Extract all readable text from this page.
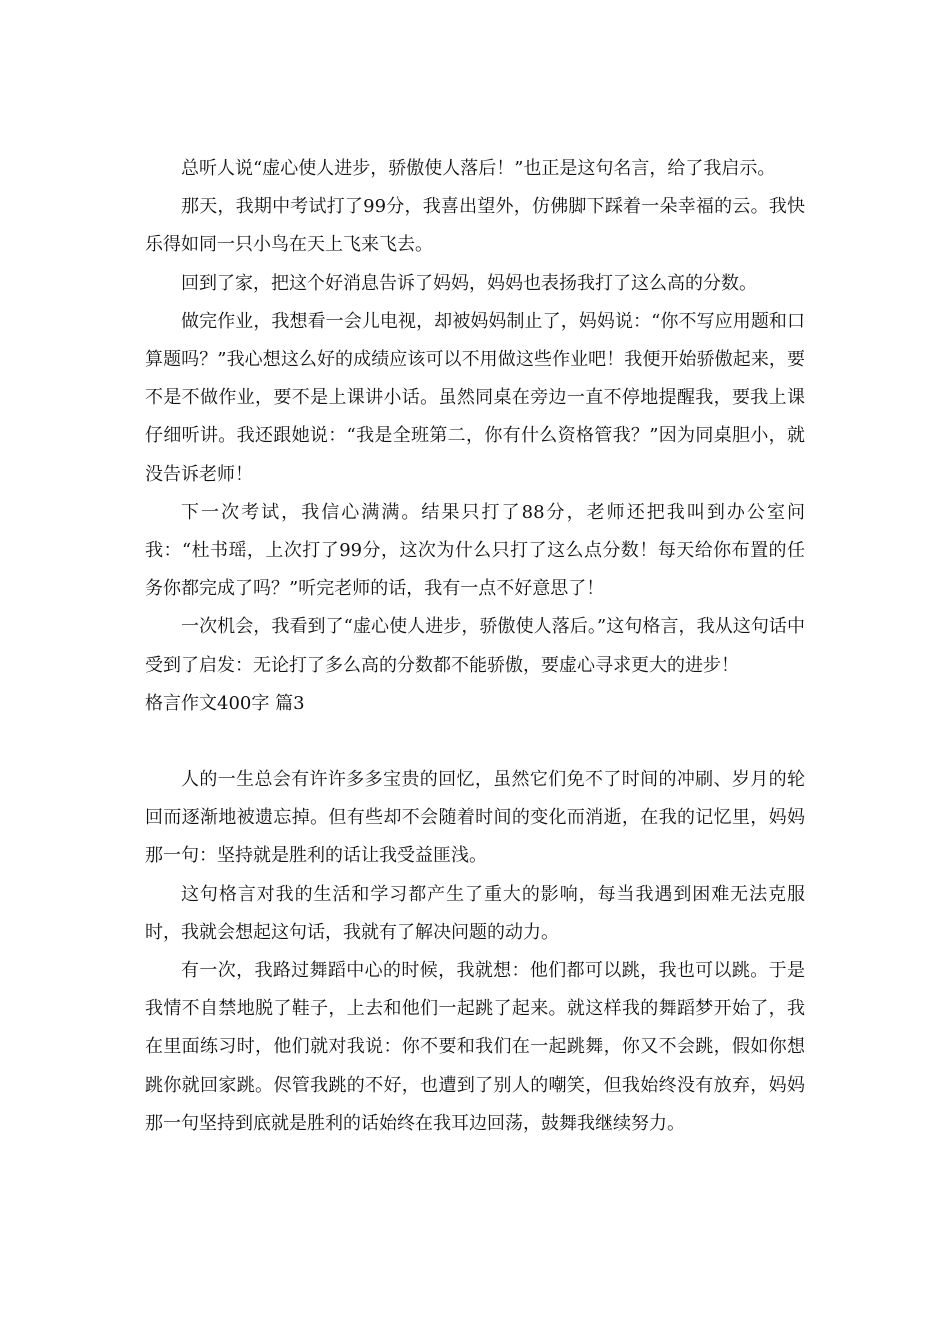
总听人说“虚心使人进步，骄傲使人落后！”也正是这句名言，给了我启示。

那天，我期中考试打了99分，我喜出望外，仿佛脚下踩着一朵幸福的云。我快乐得如同一只小鸟在天上飞来飞去。

回到了家，把这个好消息告诉了妈妈，妈妈也表扬我打了这么高的分数。

做完作业，我想看一会儿电视，却被妈妈制止了，妈妈说：“你不写应用题和口算题吗？”我心想这么好的成绩应该可以不用做这些作业吧！我便开始骄傲起来，要不是不做作业，要不是上课讲小话。虽然同桌在旁边一直不停地提醒我，要我上课仔细听讲。我还跟她说：“我是全班第二，你有什么资格管我？”因为同桌胆小，就没告诉老师！

下一次考试，我信心满满。结果只打了88分，老师还把我叫到办公室问我：“杜书瑶，上次打了99分，这次为什么只打了这么点分数！每天给你布置的任务你都完成了吗？”听完老师的话，我有一点不好意思了！

一次机会，我看到了“虚心使人进步，骄傲使人落后。”这句格言，我从这句话中受到了启发：无论打了多么高的分数都不能骄傲，要虚心寻求更大的进步！

格言作文400字 篇3

人的一生总会有许许多多宝贵的回忆，虽然它们免不了时间的冲刷、岁月的轮回而逐渐地被遗忘掉。但有些却不会随着时间的变化而消逝，在我的记忆里，妈妈那一句：坚持就是胜利的话让我受益匪浅。

这句格言对我的生活和学习都产生了重大的影响，每当我遇到困难无法克服时，我就会想起这句话，我就有了解决问题的动力。

有一次，我路过舞蹈中心的时候，我就想：他们都可以跳，我也可以跳。于是我情不自禁地脱了鞋子，上去和他们一起跳了起来。就这样我的舞蹈梦开始了，我在里面练习时，他们就对我说：你不要和我们在一起跳舞，你又不会跳，假如你想跳你就回家跳。侭管我跳的不好，也遭到了别人的嘲笑，但我始终没有放弃，妈妈那一句坚持到底就是胜利的话始终在我耳边回荡，鼓舞我继续努力。
